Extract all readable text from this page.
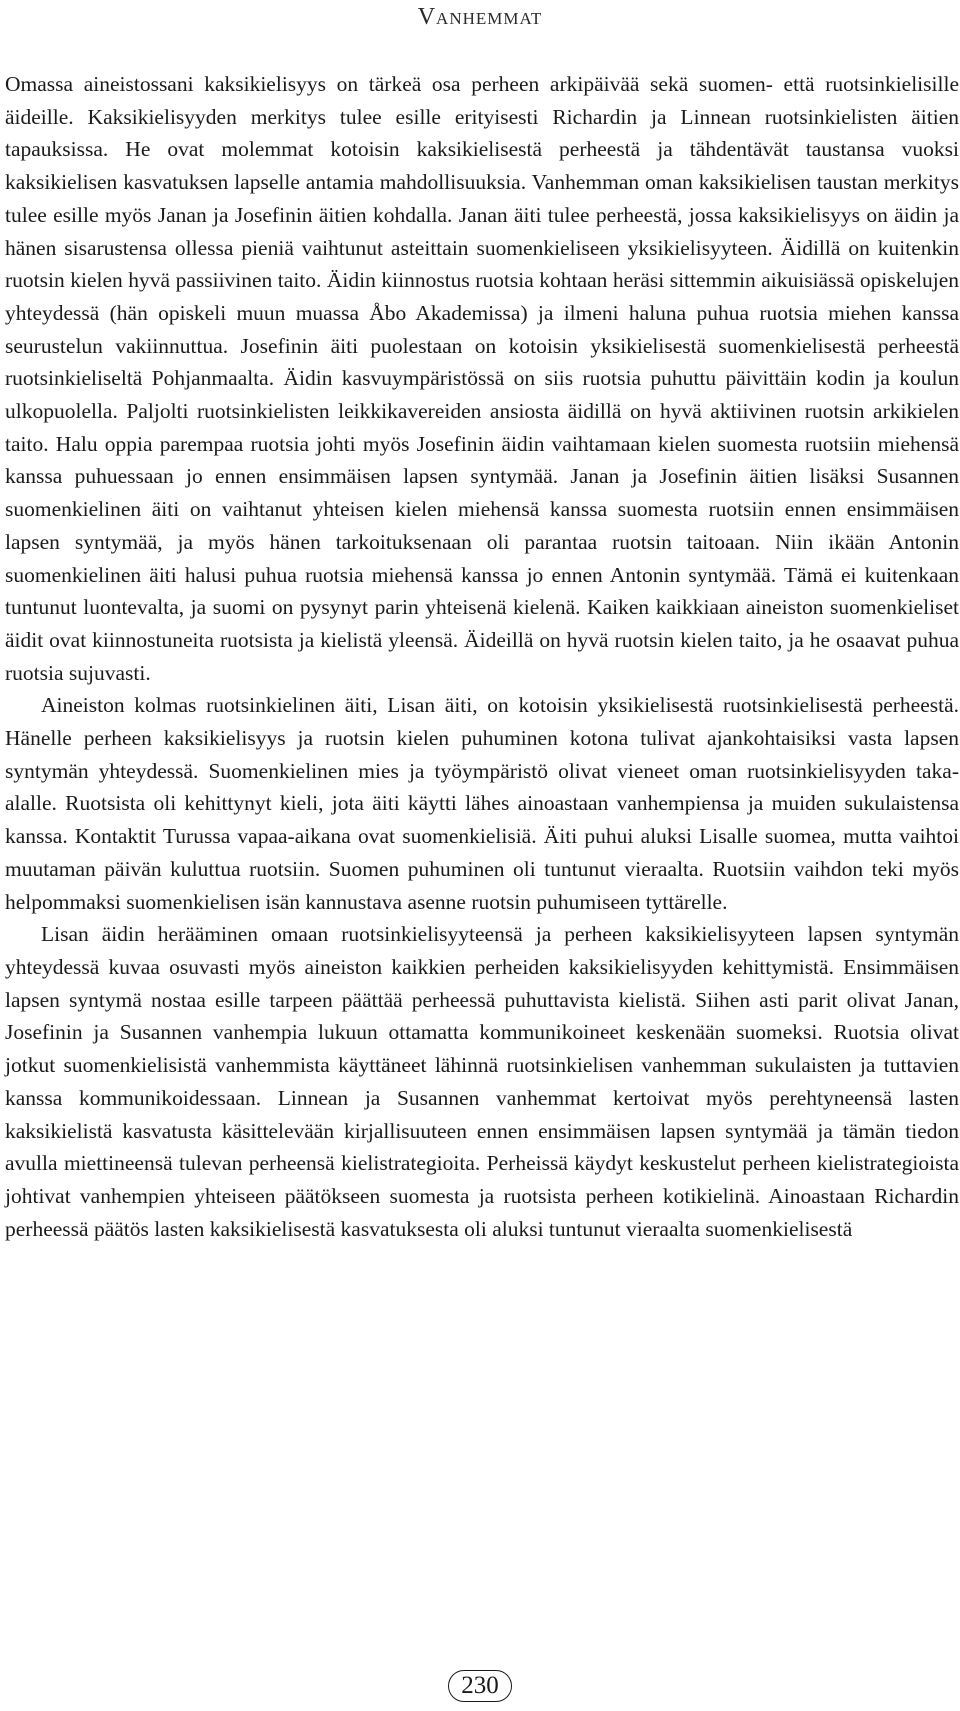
Vanhemmat

Omassa aineistossani kaksikielisyys on tärkeä osa perheen arkipäivää sekä suomen- että ruotsinkielisille äideille. Kaksikielisyyden merkitys tulee esille erityisesti Richardin ja Linnean ruotsinkielisten äitien tapauksissa. He ovat molemmat kotoisin kaksikielisestä perheestä ja tähdentävät taustansa vuoksi kaksikielisen kasvatuksen lapselle antamia mahdollisuuksia. Vanhemman oman kaksikielisen taustan merkitys tulee esille myös Janan ja Josefinin äitien kohdalla. Janan äiti tulee perheestä, jossa kaksikielisyys on äidin ja hänen sisarustensa ollessa pieniä vaihtunut asteittain suomenkieliseen yksikielisyyteen. Äidillä on kuitenkin ruotsin kielen hyvä passiivinen taito. Äidin kiinnostus ruotsia kohtaan heräsi sittemmin aikuisiässä opiskelujen yhteydessä (hän opiskeli muun muassa Åbo Akademissa) ja ilmeni haluna puhua ruotsia miehen kanssa seurustelun vakiinnuttua. Josefinin äiti puolestaan on kotoisin yksikielisestä suomenkielisestä perheestä ruotsinkieliseltä Pohjanmaalta. Äidin kasvuympäristössä on siis ruotsia puhuttu päivittäin kodin ja koulun ulkopuolella. Paljolti ruotsinkielisten leikkikavereiden ansiosta äidillä on hyvä aktiivinen ruotsin arkikielen taito. Halu oppia parempaa ruotsia johti myös Josefinin äidin vaihtamaan kielen suomesta ruotsiin miehensä kanssa puhuessaan jo ennen ensimmäisen lapsen syntymää. Janan ja Josefinin äitien lisäksi Susannen suomenkielinen äiti on vaihtanut yhteisen kielen miehensä kanssa suomesta ruotsiin ennen ensimmäisen lapsen syntymää, ja myös hänen tarkoituksenaan oli parantaa ruotsin taitoaan. Niin ikään Antonin suomenkielinen äiti halusi puhua ruotsia miehensä kanssa jo ennen Antonin syntymää. Tämä ei kuitenkaan tuntunut luontevalta, ja suomi on pysynyt parin yhteisenä kielenä. Kaiken kaikkiaan aineiston suomenkieliset äidit ovat kiinnostuneita ruotsista ja kielistä yleensä. Äideillä on hyvä ruotsin kielen taito, ja he osaavat puhua ruotsia sujuvasti.

Aineiston kolmas ruotsinkielinen äiti, Lisan äiti, on kotoisin yksikielisestä ruotsinkielisestä perheestä. Hänelle perheen kaksikielisyys ja ruotsin kielen puhuminen kotona tulivat ajankohtaisiksi vasta lapsen syntymän yhteydessä. Suomenkielinen mies ja työympäristö olivat vieneet oman ruotsinkielisyyden taka-alalle. Ruotsista oli kehittynyt kieli, jota äiti käytti lähes ainoastaan vanhempiensa ja muiden sukulaistensa kanssa. Kontaktit Turussa vapaa-aikana ovat suomenkielisiä. Äiti puhui aluksi Lisalle suomea, mutta vaihtoi muutaman päivän kuluttua ruotsiin. Suomen puhuminen oli tuntunut vieraalta. Ruotsiin vaihdon teki myös helpommaksi suomenkielisen isän kannustava asenne ruotsin puhumiseen tyttärelle.

Lisan äidin herääminen omaan ruotsinkielisyyteensä ja perheen kaksikielisyyteen lapsen syntymän yhteydessä kuvaa osuvasti myös aineiston kaikkien perheiden kaksikielisyyden kehittymistä. Ensimmäisen lapsen syntymä nostaa esille tarpeen päättää perheessä puhuttavista kielistä. Siihen asti parit olivat Janan, Josefinin ja Susannen vanhempia lukuun ottamatta kommunikoineet keskenään suomeksi. Ruotsia olivat jotkut suomenkielisistä vanhemmista käyttäneet lähinnä ruotsinkielisen vanhemman sukulaisten ja tuttavien kanssa kommunikoidessaan. Linnean ja Susannen vanhemmat kertoivat myös perehtyneensä lasten kaksikielistä kasvatusta käsittelevään kirjallisuuteen ennen ensimmäisen lapsen syntymää ja tämän tiedon avulla miettineensä tulevan perheensä kielistrategioita. Perheissä käydyt keskustelut perheen kielistrategioista johtivat vanhempien yhteiseen päätökseen suomesta ja ruotsista perheen kotikielinä. Ainoastaan Richardin perheessä päätös lasten kaksikielisestä kasvatuksesta oli aluksi tuntunut vieraalta suomenkielisestä

230
